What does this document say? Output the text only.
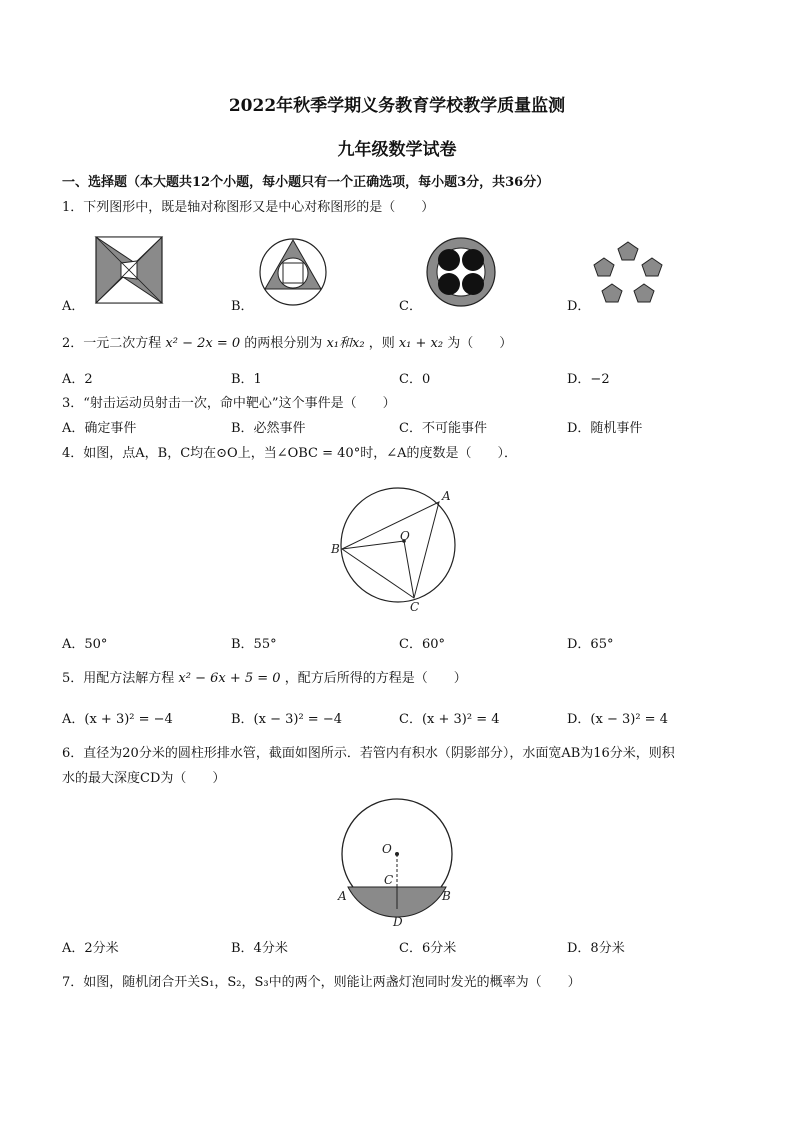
2022年秋季学期义务教育学校教学质量监测
九年级数学试卷
一、选择题（本大题共12个小题，每小题只有一个正确选项，每小题3分，共36分）
1．下列图形中，既是轴对称图形又是中心对称图形的是（　　）
A．	B．	C．	D．
2．一元二次方程 x² − 2x = 0 的两根分别为 x₁和x₂ ，则 x₁ + x₂ 为（　　）
A．2	B．1	C．0	D．−2
3．“射击运动员射击一次，命中靶心”这个事件是（　　）
A．确定事件	B．必然事件	C．不可能事件	D．随机事件
4．如图，点A，B，C均在⊙O上，当∠OBC = 40°时，∠A的度数是（　　）．
A
B
C
O
A．50°	B．55°	C．60°	D．65°
5．用配方法解方程 x² − 6x + 5 = 0 ，配方后所得的方程是（　　）
A．(x + 3)² = −4	B．(x − 3)² = −4	C．(x + 3)² = 4	D．(x − 3)² = 4
6．直径为20分米的圆柱形排水管，截面如图所示．若管内有积水（阴影部分），水面宽AB为16分米，则积
水的最大深度CD为（　　）
O
C
A	B
D
A．2分米	B．4分米	C．6分米	D．8分米
7．如图，随机闭合开关S₁，S₂，S₃中的两个，则能让两盏灯泡同时发光的概率为（　　）
